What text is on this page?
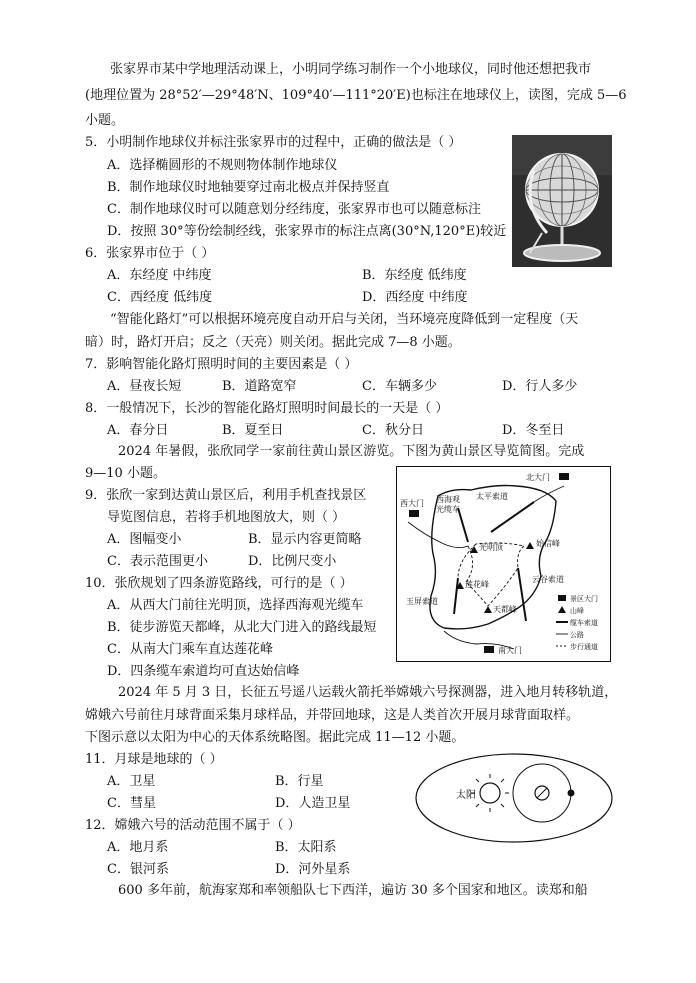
张家界市某中学地理活动课上，小明同学练习制作一个小地球仪，同时他还想把我市
(地理位置为 28°52′—29°48′N、109°40′—111°20′E)也标注在地球仪上，读图，完成 5—6
小题。
5．小明制作地球仪并标注张家界市的过程中，正确的做法是（ ）
A．选择椭圆形的不规则物体制作地球仪
B．制作地球仪时地轴要穿过南北极点并保持竖直
C．制作地球仪时可以随意划分经纬度，张家界市也可以随意标注
D．按照 30°等份绘制经线，张家界市的标注点离(30°N,120°E)较近
6．张家界市位于（ ）
A．东经度 中纬度	B．东经度 低纬度
C．西经度 低纬度	D．西经度 中纬度
“智能化路灯”可以根据环境亮度自动开启与关闭，当环境亮度降低到一定程度（天
暗）时，路灯开启；反之（天亮）则关闭。据此完成 7—8 小题。
7．影响智能化路灯照明时间的主要因素是（ ）
A．昼夜长短	B．道路宽窄	C．车辆多少	D．行人多少
8．一般情况下，长沙的智能化路灯照明时间最长的一天是（ ）
A．春分日	B．夏至日	C．秋分日	D．冬至日
2024 年暑假，张欣同学一家前往黄山景区游览。下图为黄山景区导览简图。完成
9—10 小题。
9．张欣一家到达黄山景区后，利用手机查找景区
导览图信息，若将手机地图放大，则（ ）
A．图幅变小	B．显示内容更简略
C．表示范围更小	D．比例尺变小
10．张欣规划了四条游览路线，可行的是（ ）
A．从西大门前往光明顶，选择西海观光缆车
B．徒步游览天都峰，从北大门进入的路线最短
C．从南大门乘车直达莲花峰
D．四条缆车索道均可直达始信峰
北大门
西大门 西海观
光缆车
太平索道
光明顶	始信峰
莲花峰
云谷索道
天都峰
玉屏索道
南大门
景区大门
山峰
缆车索道
公路
步行通道
2024 年 5 月 3 日，长征五号遥八运载火箭托举嫦娥六号探测器，进入地月转移轨道，
嫦娥六号前往月球背面采集月球样品，并带回地球，这是人类首次开展月球背面取样。
下图示意以太阳为中心的天体系统略图。据此完成 11—12 小题。
11．月球是地球的（ ）
A．卫星	B．行星
C．彗星	D．人造卫星
12．嫦娥六号的活动范围不属于（ ）
A．地月系	B．太阳系
C．银河系	D．河外星系
太阳
600 多年前，航海家郑和率领船队七下西洋，遍访 30 多个国家和地区。读郑和船
